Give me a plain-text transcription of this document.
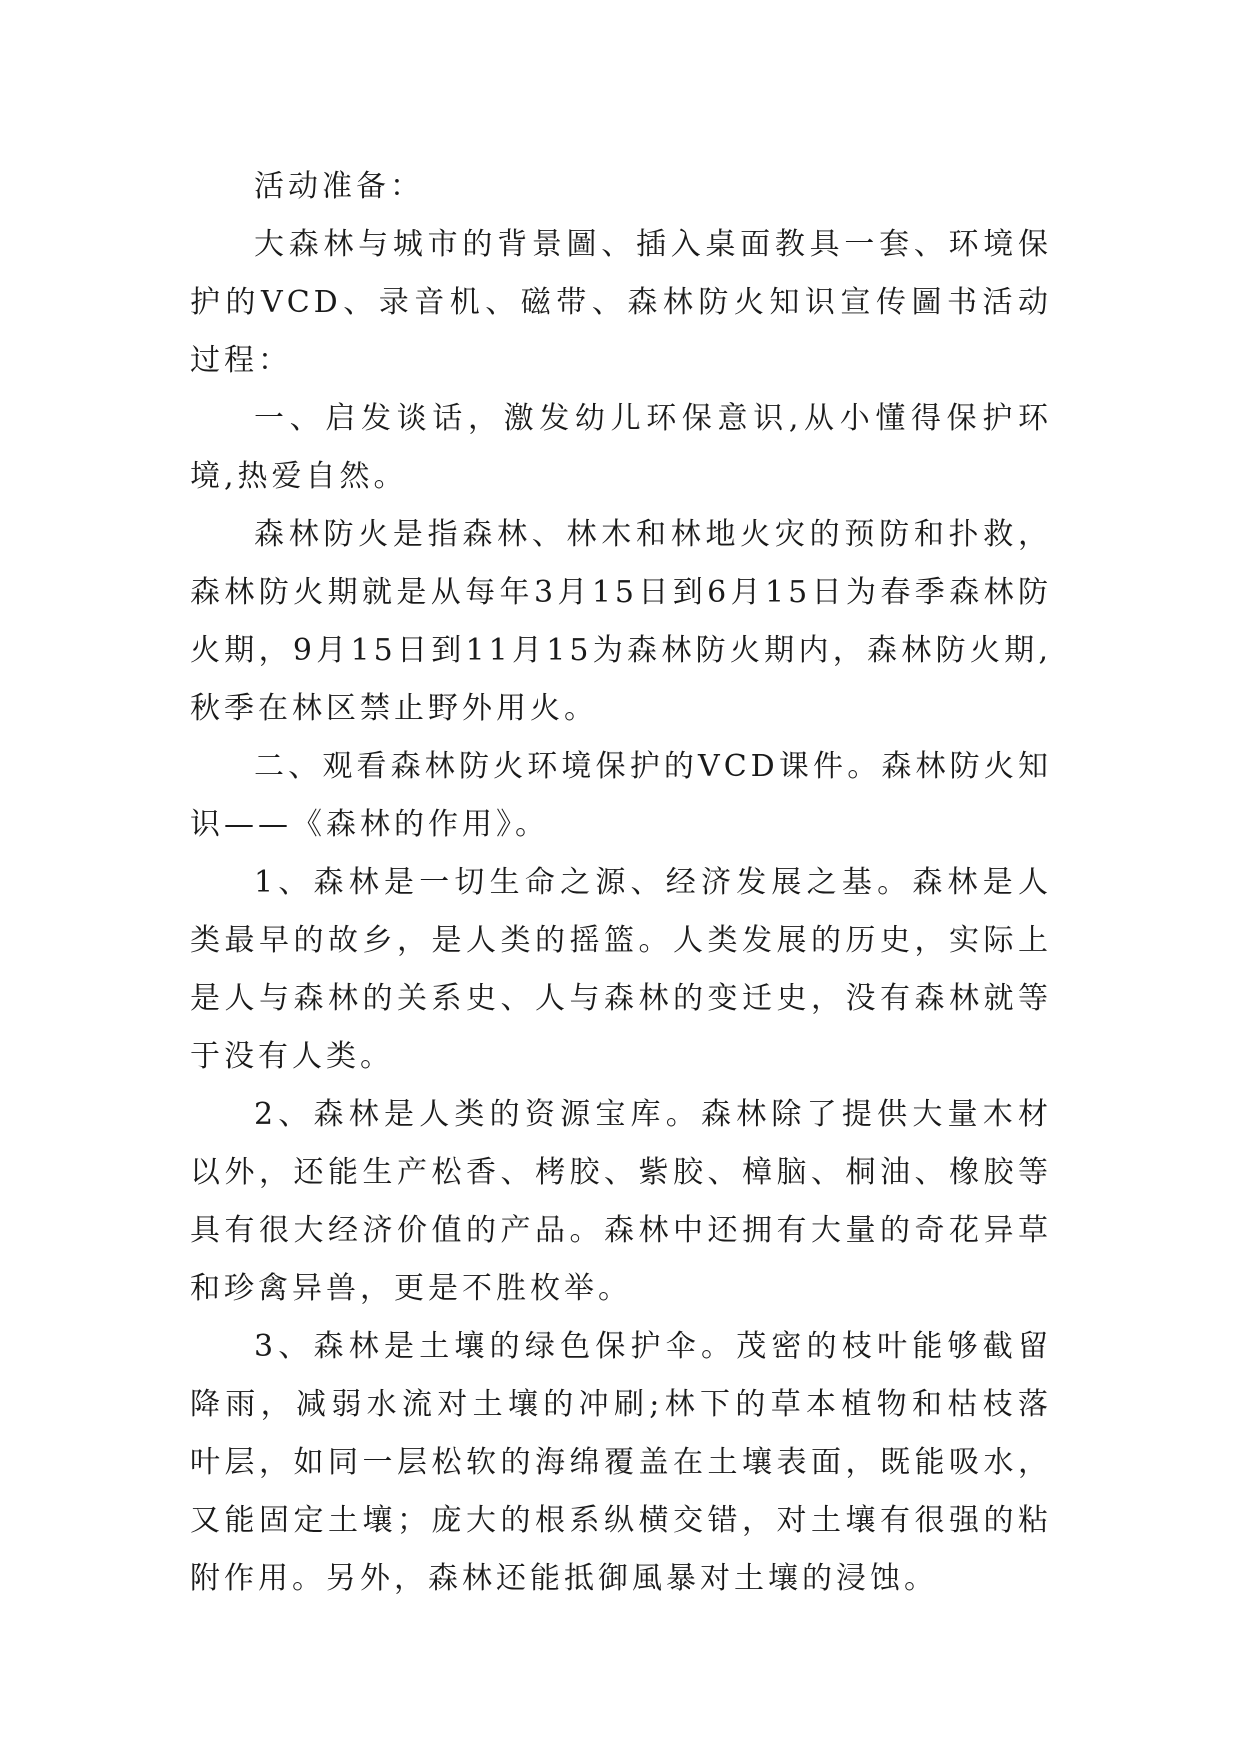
活动准备：

大森林与城市的背景圖、插入桌面教具一套、环境保护的VCD、录音机、磁带、森林防火知识宣传圖书活动过程：

一、启发谈话，激发幼儿环保意识,从小懂得保护环境,热爱自然。

森林防火是指森林、林木和林地火灾的预防和扑救，森林防火期就是从每年3月15日到6月15日为春季森林防火期，9月15日到11月15为森林防火期内，森林防火期,秋季在林区禁止野外用火。

二、观看森林防火环境保护的VCD课件。森林防火知识——《森林的作用》。

1、森林是一切生命之源、经济发展之基。森林是人类最早的故乡，是人类的摇篮。人类发展的历史，实际上是人与森林的关系史、人与森林的变迁史，没有森林就等于没有人类。

2、森林是人类的资源宝库。森林除了提供大量木材以外，还能生产松香、栲胶、紫胶、樟脑、桐油、橡胶等具有很大经济价值的产品。森林中还拥有大量的奇花异草和珍禽异兽，更是不胜枚举。

3、森林是土壤的绿色保护伞。茂密的枝叶能够截留降雨，减弱水流对土壤的冲刷;林下的草本植物和枯枝落叶层，如同一层松软的海绵覆盖在土壤表面，既能吸水，又能固定土壤；庞大的根系纵横交错，对土壤有很强的粘附作用。另外，森林还能抵御風暴对土壤的浸蚀。
